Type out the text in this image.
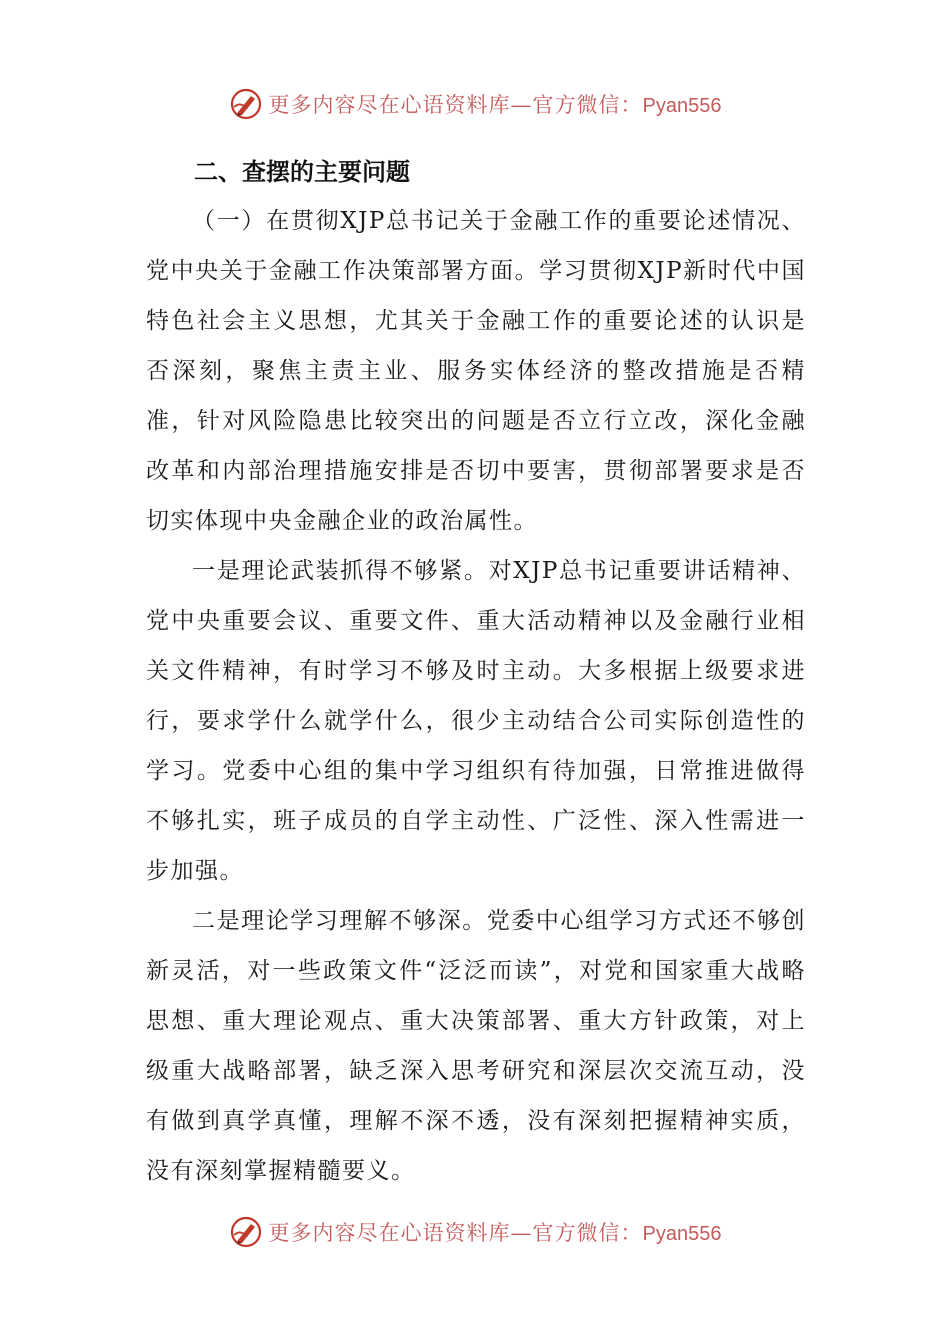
更多内容尽在心语资料库—官方微信：Pyan556
二、查摆的主要问题

（一）在贯彻XJP总书记关于金融工作的重要论述情况、党中央关于金融工作决策部署方面。学习贯彻XJP新时代中国特色社会主义思想，尤其关于金融工作的重要论述的认识是否深刻，聚焦主责主业、服务实体经济的整改措施是否精准，针对风险隐患比较突出的问题是否立行立改，深化金融改革和内部治理措施安排是否切中要害，贯彻部署要求是否切实体现中央金融企业的政治属性。

一是理论武装抓得不够紧。对XJP总书记重要讲话精神、党中央重要会议、重要文件、重大活动精神以及金融行业相关文件精神，有时学习不够及时主动。大多根据上级要求进行，要求学什么就学什么，很少主动结合公司实际创造性的学习。党委中心组的集中学习组织有待加强，日常推进做得不够扎实，班子成员的自学主动性、广泛性、深入性需进一步加强。

二是理论学习理解不够深。党委中心组学习方式还不够创新灵活，对一些政策文件“泛泛而读”，对党和国家重大战略思想、重大理论观点、重大决策部署、重大方针政策，对上级重大战略部署，缺乏深入思考研究和深层次交流互动，没有做到真学真懂，理解不深不透，没有深刻把握精神实质，没有深刻掌握精髓要义。

更多内容尽在心语资料库—官方微信：Pyan556
